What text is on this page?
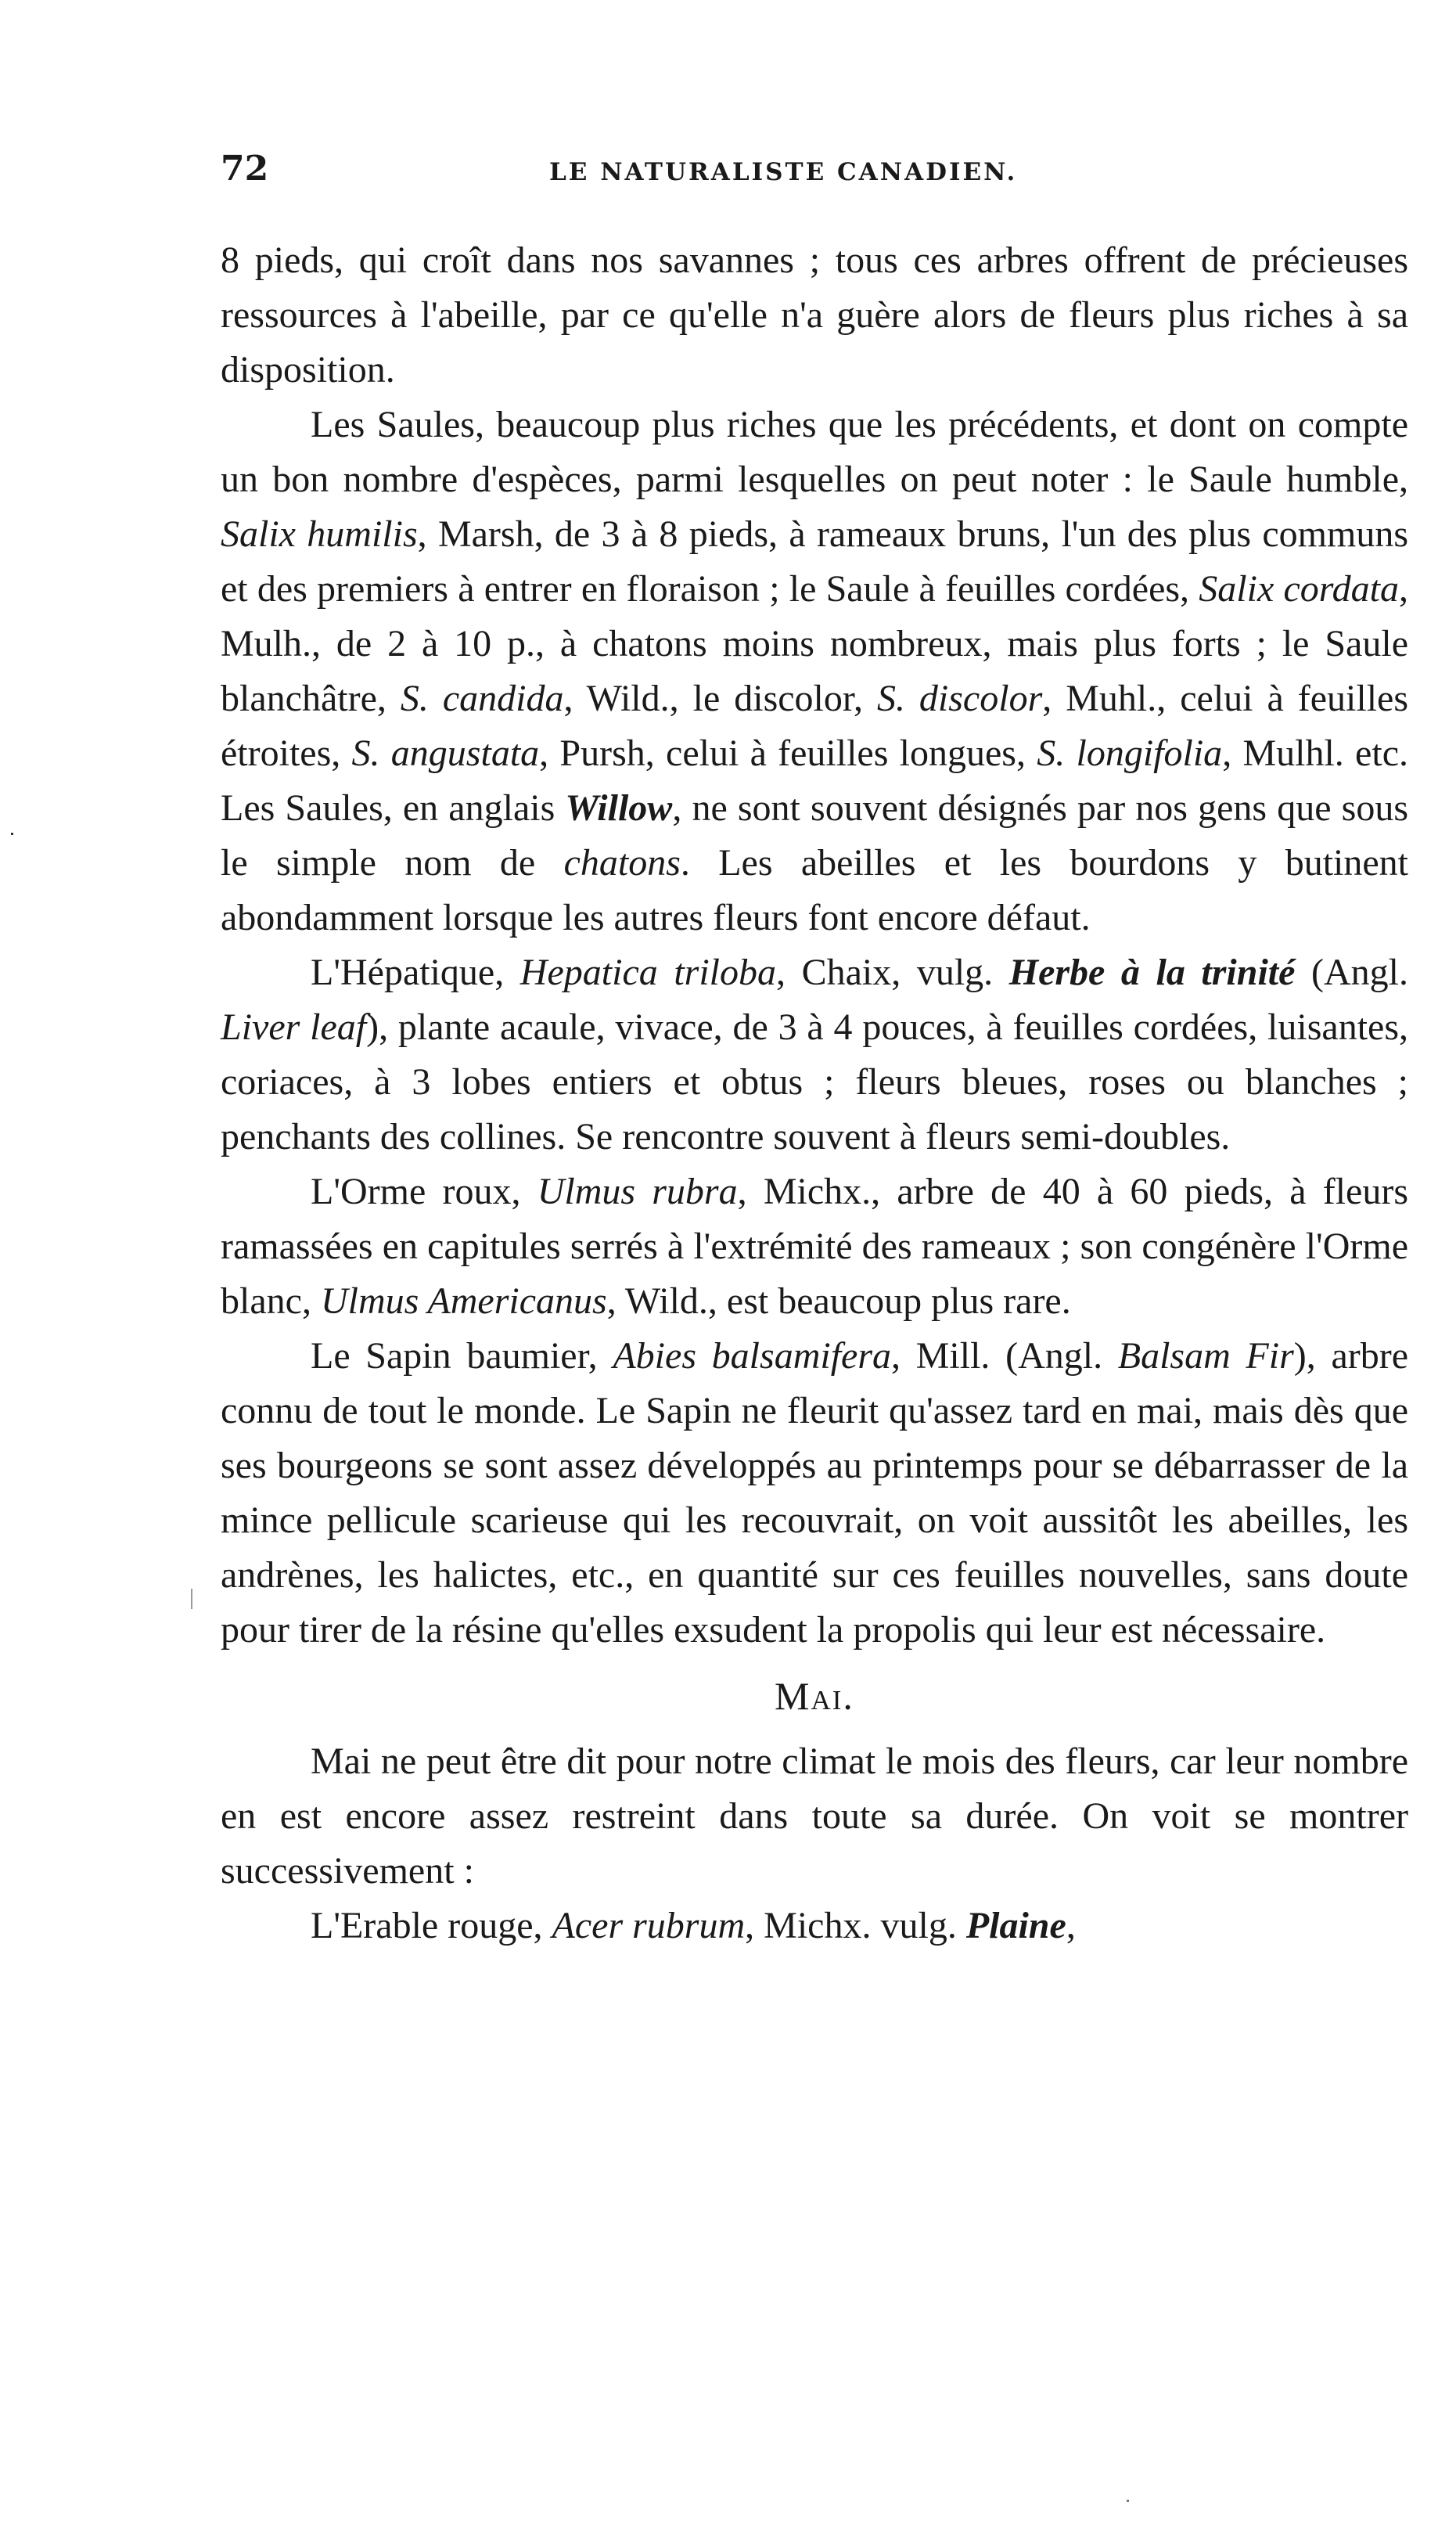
72	LE NATURALISTE CANADIEN.

8 pieds, qui croît dans nos savannes ; tous ces arbres offrent de précieuses ressources à l'abeille, par ce qu'elle n'a guère alors de fleurs plus riches à sa disposition.

Les Saules, beaucoup plus riches que les précédents, et dont on compte un bon nombre d'espèces, parmi lesquelles on peut noter : le Saule humble, Salix humilis, Marsh, de 3 à 8 pieds, à rameaux bruns, l'un des plus communs et des premiers à entrer en floraison ; le Saule à feuilles cordées, Salix cordata, Mulh., de 2 à 10 p., à chatons moins nombreux, mais plus forts ; le Saule blanchâtre, S. candida, Wild., le discolor, S. discolor, Muhl., celui à feuilles étroites, S. angustata, Pursh, celui à feuilles longues, S. longifolia, Mulhl. etc. Les Saules, en anglais Willow, ne sont souvent désignés par nos gens que sous le simple nom de chatons. Les abeilles et les bourdons y butinent abondamment lorsque les autres fleurs font encore défaut.

L'Hépatique, Hepatica triloba, Chaix, vulg. Herbe à la trinité (Angl. Liver leaf), plante acaule, vivace, de 3 à 4 pouces, à feuilles cordées, luisantes, coriaces, à 3 lobes entiers et obtus ; fleurs bleues, roses ou blanches ; penchants des collines. Se rencontre souvent à fleurs semi-doubles.

L'Orme roux, Ulmus rubra, Michx., arbre de 40 à 60 pieds, à fleurs ramassées en capitules serrés à l'extrémité des rameaux ; son congénère l'Orme blanc, Ulmus Americanus, Wild., est beaucoup plus rare.

Le Sapin baumier, Abies balsamifera, Mill. (Angl. Balsam Fir), arbre connu de tout le monde. Le Sapin ne fleurit qu'assez tard en mai, mais dès que ses bourgeons se sont assez développés au printemps pour se débarrasser de la mince pellicule scarieuse qui les recouvrait, on voit aussitôt les abeilles, les andrènes, les halictes, etc., en quantité sur ces feuilles nouvelles, sans doute pour tirer de la résine qu'elles exsudent la propolis qui leur est nécessaire.

Mai.

Mai ne peut être dit pour notre climat le mois des fleurs, car leur nombre en est encore assez restreint dans toute sa durée. On voit se montrer successivement :

L'Erable rouge, Acer rubrum, Michx. vulg. Plaine,
